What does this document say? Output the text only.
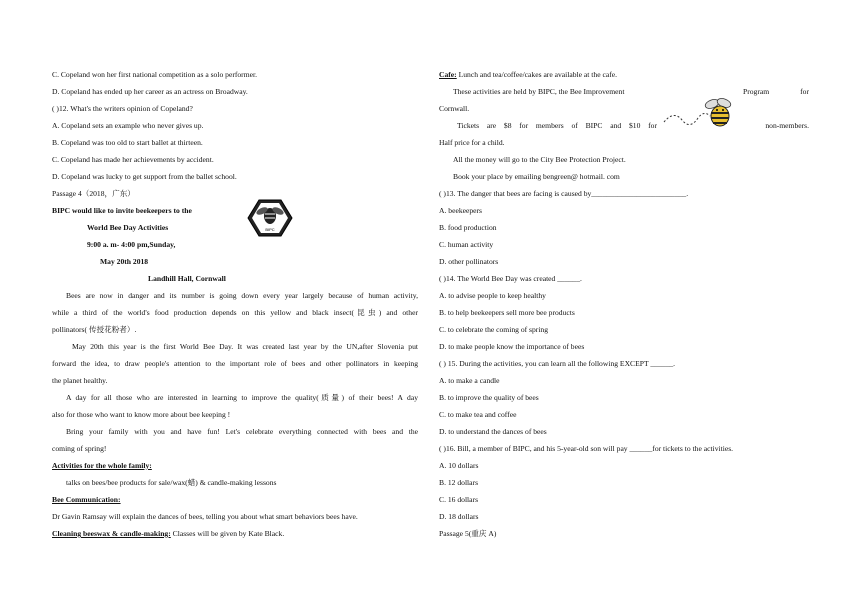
C. Copeland won her first national competition as a solo performer.
D. Copeland has ended up her career as an actress on Broadway.
( )12. What's the writers opinion of Copeland?
A. Copeland sets an example who never gives up.
B. Copeland was too old to start ballet at thirteen.
C. Copeland has made her achievements by accident.
D. Copeland was lucky to get support from the ballet school.
Passage 4（2018，广东）
BIPC would like to invite beekeepers to the
World Bee Day Activities
9:00 a. m- 4:00 pm,Sunday,
May 20th 2018
Landhill Hall, Cornwall
Bees are now in danger and its number is going down every year largely because of human activity,
while a third of the world's food production depends on this yellow and black insect(昆虫) and other
pollinators( 传授花粉者）.
May 20th this year is the first World Bee Day. It was created last year by the UN,after Slovenia put
forward the idea, to draw people's attention to the important role of bees and other pollinators in keeping
the planet healthy.
A day for all those who are interested in learning to improve the quality(质量) of their bees! A day
also for those who want to know more about bee keeping !
Bring your family with you and have fun! Let's celebrate everything connected with bees and the
coming of spring!
Activities for the whole family:
talks on bees/bee products for sale/wax(蜡) & candle-making lessons
Bee Communication:
Dr Gavin Ramsay will explain the dances of bees, telling you about what smart behaviors bees have.
Cleaning beeswax & candle-making: Classes will be given by Kate Black.
BIPC
Cafe: Lunch and tea/coffee/cakes are available at the cafe.
These activities are held by BIPC, the Bee Improvement	Program	for
Cornwall.
Tickets are $8 for members of BIPC and $10 for	non-members.
Half price for a child.
All the money will go to the City Bee Protection Project.
Book your place by emailing bengreen@ hotmail. com
( )13. The danger that bees are facing is caused by_________________________.
A. beekeepers
B. food production
C. human activity
D. other pollinators
( )14. The World Bee Day was created ______.
A. to advise people to keep healthy
B. to help beekeepers sell more bee products
C. to celebrate the coming of spring
D. to make people know the importance of bees
( ) 15. During the activities, you can learn all the following EXCEPT ______.
A. to make a candle
B. to improve the quality of bees
C. to make tea and coffee
D. to understand the dances of bees
( )16. Bill, a member of BIPC, and his 5-year-old son will pay ______for tickets to the activities.
A. 10 dollars
B. 12 dollars
C. 16 dollars
D. 18 dollars
Passage 5(重庆 A)
